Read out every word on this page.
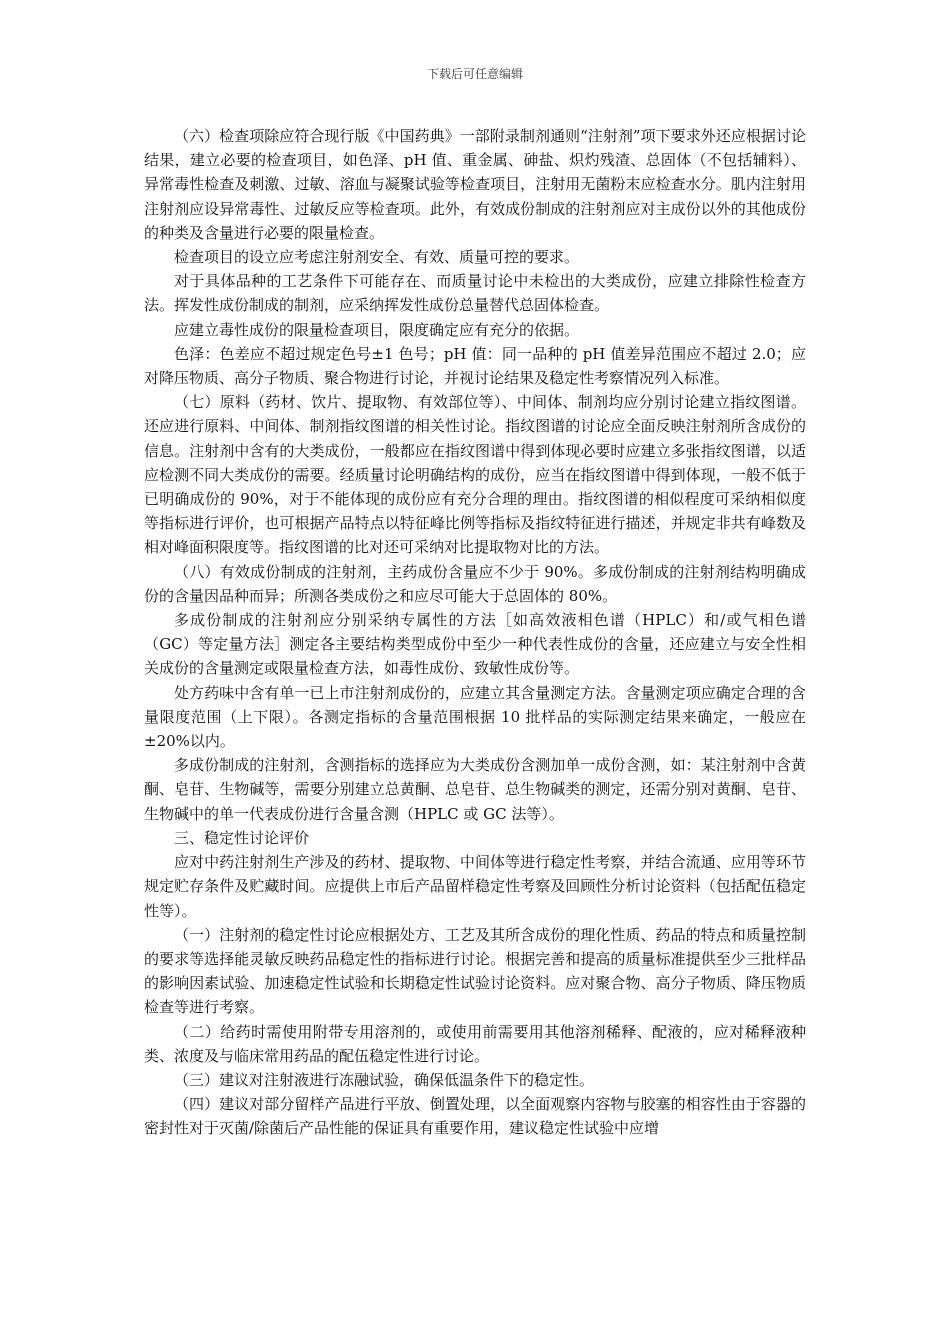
下载后可任意编辑

（六）检查项除应符合现行版《中国药典》一部附录制剂通则“注射剂”项下要求外还应根据讨论结果，建立必要的检查项目，如色泽、pH 值、重金属、砷盐、炽灼残渣、总固体（不包括辅料）、异常毒性检查及刺激、过敏、溶血与凝聚试验等检查项目，注射用无菌粉末应检查水分。肌内注射用注射剂应设异常毒性、过敏反应等检查项。此外，有效成份制成的注射剂应对主成份以外的其他成份的种类及含量进行必要的限量检查。

检查项目的设立应考虑注射剂安全、有效、质量可控的要求。

对于具体品种的工艺条件下可能存在、而质量讨论中未检出的大类成份，应建立排除性检查方法。挥发性成份制成的制剂，应采纳挥发性成份总量替代总固体检查。

应建立毒性成份的限量检查项目，限度确定应有充分的依据。

色泽：色差应不超过规定色号±1 色号；pH 值：同一品种的 pH 值差异范围应不超过 2.0；应对降压物质、高分子物质、聚合物进行讨论，并视讨论结果及稳定性考察情况列入标准。

（七）原料（药材、饮片、提取物、有效部位等）、中间体、制剂均应分别讨论建立指纹图谱。还应进行原料、中间体、制剂指纹图谱的相关性讨论。指纹图谱的讨论应全面反映注射剂所含成份的信息。注射剂中含有的大类成份，一般都应在指纹图谱中得到体现必要时应建立多张指纹图谱，以适应检测不同大类成份的需要。经质量讨论明确结构的成份，应当在指纹图谱中得到体现，一般不低于已明确成份的 90%，对于不能体现的成份应有充分合理的理由。指纹图谱的相似程度可采纳相似度等指标进行评价，也可根据产品特点以特征峰比例等指标及指纹特征进行描述，并规定非共有峰数及相对峰面积限度等。指纹图谱的比对还可采纳对比提取物对比的方法。

（八）有效成份制成的注射剂，主药成份含量应不少于 90%。多成份制成的注射剂结构明确成份的含量因品种而异；所测各类成份之和应尽可能大于总固体的 80%。

多成份制成的注射剂应分别采纳专属性的方法［如高效液相色谱（HPLC）和/或气相色谱（GC）等定量方法］测定各主要结构类型成份中至少一种代表性成份的含量，还应建立与安全性相关成份的含量测定或限量检查方法，如毒性成份、致敏性成份等。

处方药味中含有单一已上市注射剂成份的，应建立其含量测定方法。含量测定项应确定合理的含量限度范围（上下限）。各测定指标的含量范围根据 10 批样品的实际测定结果来确定，一般应在±20%以内。

多成份制成的注射剂，含测指标的选择应为大类成份含测加单一成份含测，如：某注射剂中含黄酮、皂苷、生物碱等，需要分别建立总黄酮、总皂苷、总生物碱类的测定，还需分别对黄酮、皂苷、生物碱中的单一代表成份进行含量含测（HPLC 或 GC 法等）。

三、稳定性讨论评价

应对中药注射剂生产涉及的药材、提取物、中间体等进行稳定性考察，并结合流通、应用等环节规定贮存条件及贮藏时间。应提供上市后产品留样稳定性考察及回顾性分析讨论资料（包括配伍稳定性等）。

（一）注射剂的稳定性讨论应根据处方、工艺及其所含成份的理化性质、药品的特点和质量控制的要求等选择能灵敏反映药品稳定性的指标进行讨论。根据完善和提高的质量标准提供至少三批样品的影响因素试验、加速稳定性试验和长期稳定性试验讨论资料。应对聚合物、高分子物质、降压物质检查等进行考察。

（二）给药时需使用附带专用溶剂的，或使用前需要用其他溶剂稀释、配液的，应对稀释液种类、浓度及与临床常用药品的配伍稳定性进行讨论。

（三）建议对注射液进行冻融试验，确保低温条件下的稳定性。

（四）建议对部分留样产品进行平放、倒置处理，以全面观察内容物与胶塞的相容性由于容器的密封性对于灭菌/除菌后产品性能的保证具有重要作用，建议稳定性试验中应增
